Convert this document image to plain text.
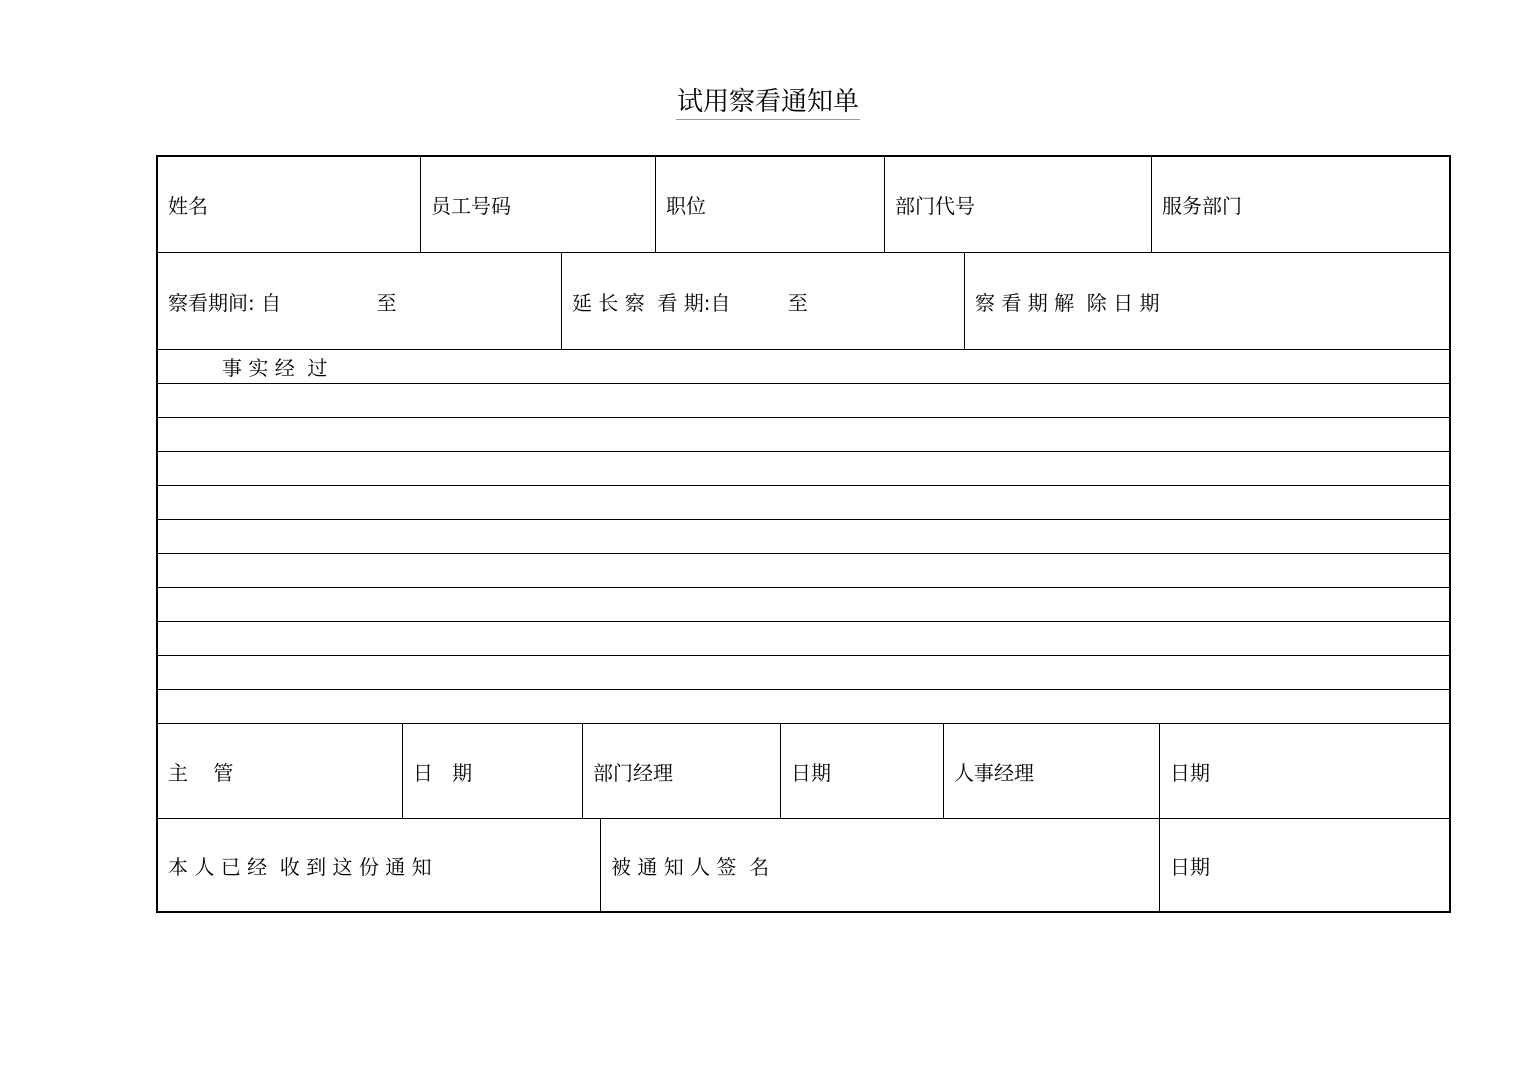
试用察看通知单
姓名	员工号码	职位	部门代号	服务部门
察看期间: 自               至	延 长 察  看 期:自         至	察 看 期 解  除 日 期
事 实 经  过
主    管	日   期	部门经理	日期	人事经理	日期
本 人 已 经  收 到 这 份 通 知	被 通 知 人 签  名	日期
